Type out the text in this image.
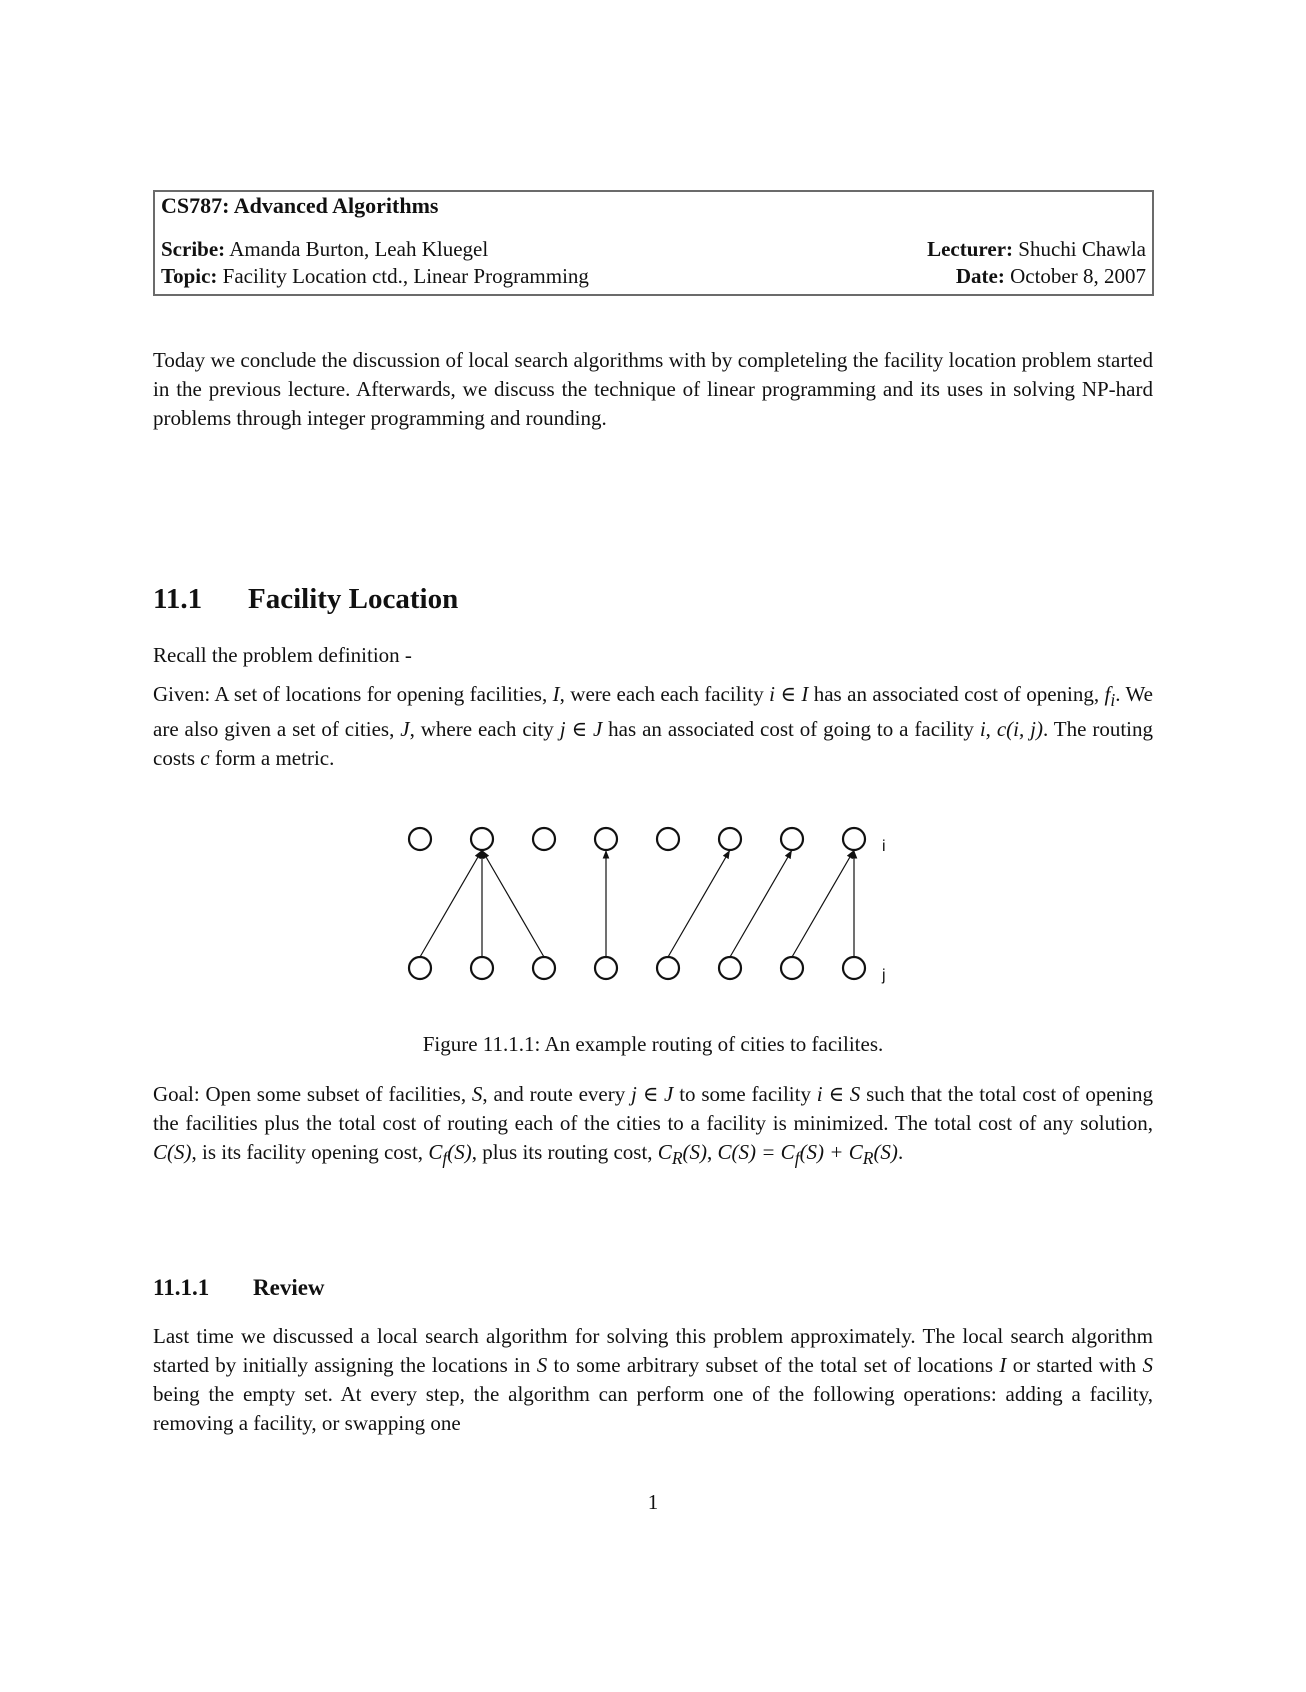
CS787: Advanced Algorithms
Scribe: Amanda Burton, Leah Kluegel	Lecturer: Shuchi Chawla
Topic: Facility Location ctd., Linear Programming	Date: October 8, 2007
Today we conclude the discussion of local search algorithms with by completeling the facility location problem started in the previous lecture. Afterwards, we discuss the technique of linear programming and its uses in solving NP-hard problems through integer programming and rounding.
11.1 Facility Location
Recall the problem definition -
Given: A set of locations for opening facilities, I, were each each facility i ∈ I has an associated cost of opening, $f_i$. We are also given a set of cities, J, where each city j ∈ J has an associated cost of going to a facility i, c(i, j). The routing costs c form a metric.
i
j
Figure 11.1.1: An example routing of cities to facilites.
Goal: Open some subset of facilities, S, and route every j ∈ J to some facility i ∈ S such that the total cost of opening the facilities plus the total cost of routing each of the cities to a facility is minimized. The total cost of any solution, C(S), is its facility opening cost, $C_f(S)$, plus its routing cost, $C_R(S)$, $C(S) = C_f(S) + C_R(S)$.
11.1.1 Review
Last time we discussed a local search algorithm for solving this problem approximately. The local search algorithm started by initially assigning the locations in S to some arbitrary subset of the total set of locations I or started with S being the empty set. At every step, the algorithm can perform one of the following operations: adding a facility, removing a facility, or swapping one
1
